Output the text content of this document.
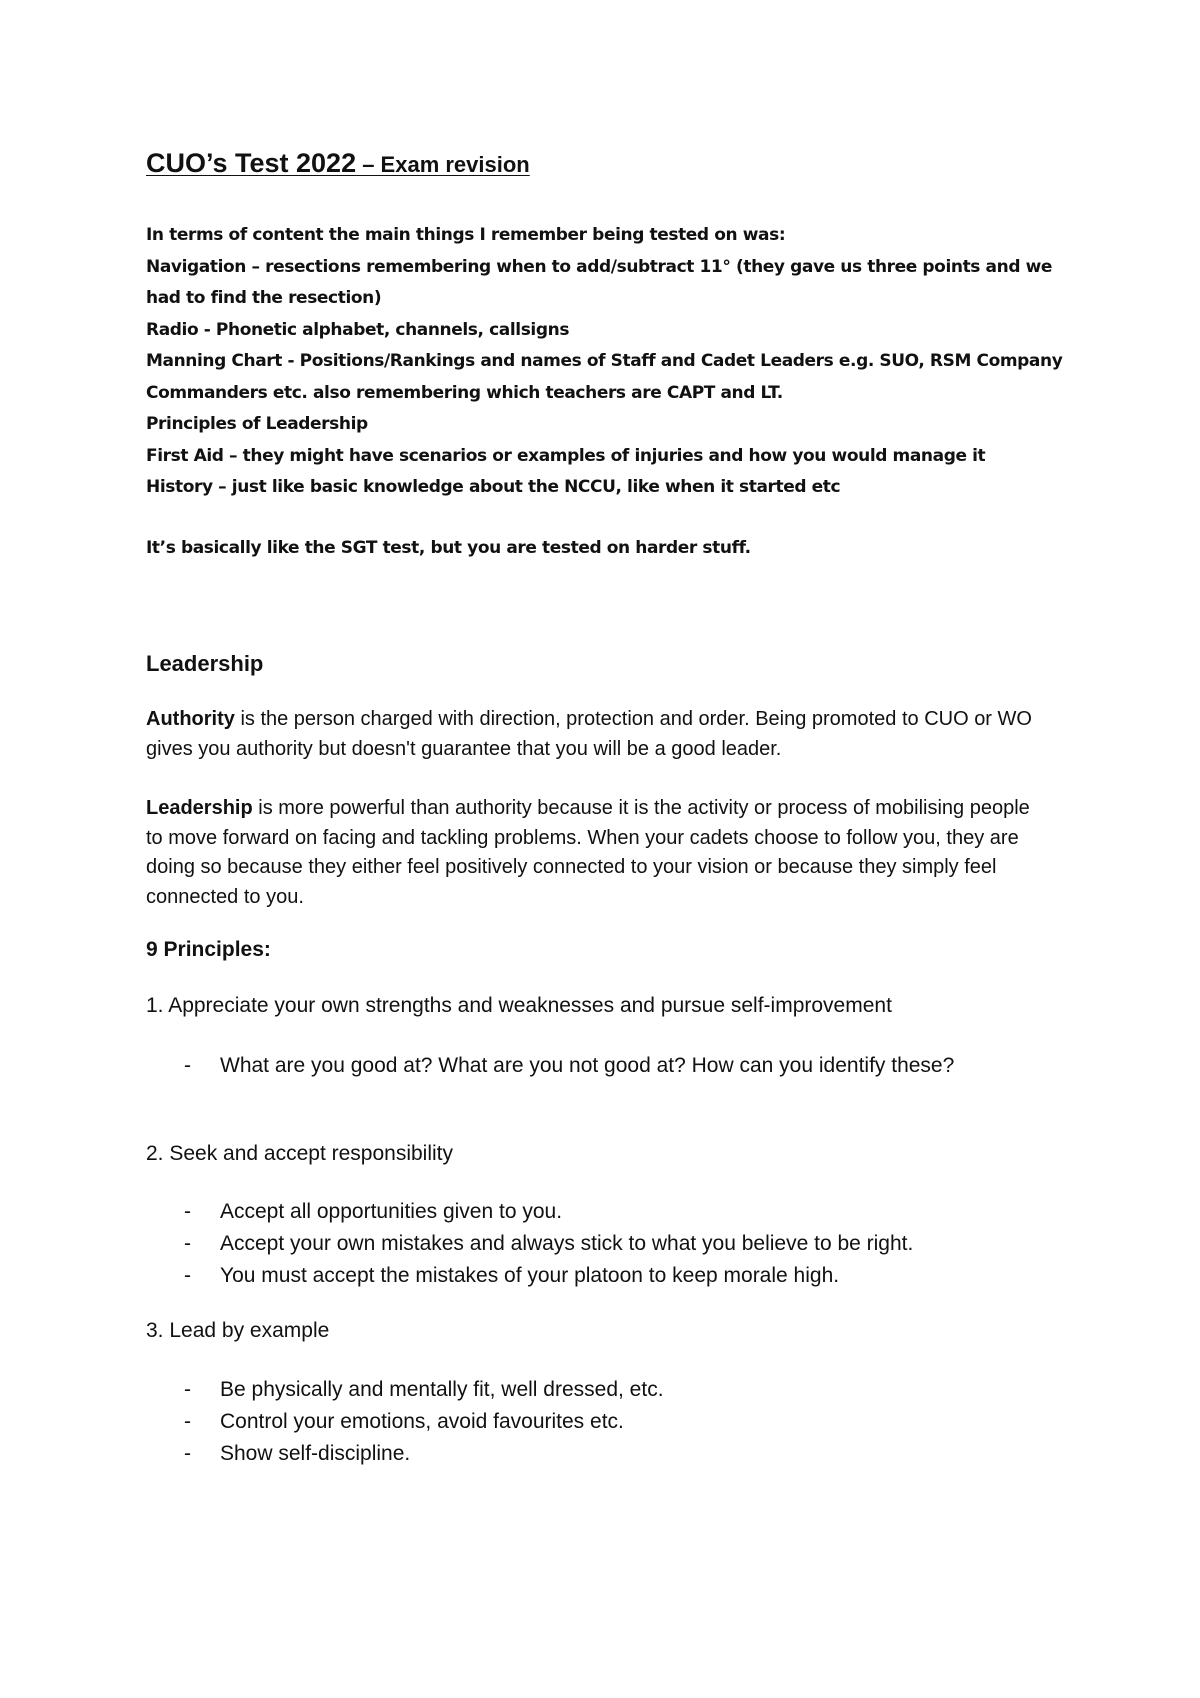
CUO’s Test 2022 – Exam revision

In terms of content the main things I remember being tested on was:

Navigation – resections remembering when to add/subtract 11° (they gave us three points and we had to find the resection)

Radio - Phonetic alphabet, channels, callsigns

Manning Chart - Positions/Rankings and names of Staff and Cadet Leaders e.g. SUO, RSM Company Commanders etc. also remembering which teachers are CAPT and LT.

Principles of Leadership

First Aid – they might have scenarios or examples of injuries and how you would manage it

History – just like basic knowledge about the NCCU, like when it started etc

It’s basically like the SGT test, but you are tested on harder stuff.

Leadership
Authority is the person charged with direction, protection and order. Being promoted to CUO or WO gives you authority but doesn't guarantee that you will be a good leader.
Leadership is more powerful than authority because it is the activity or process of mobilising people to move forward on facing and tackling problems. When your cadets choose to follow you, they are doing so because they either feel positively connected to your vision or because they simply feel connected to you.
9 Principles:
1. Appreciate your own strengths and weaknesses and pursue self-improvement
- What are you good at? What are you not good at? How can you identify these?
2. Seek and accept responsibility
- Accept all opportunities given to you.
- Accept your own mistakes and always stick to what you believe to be right.
- You must accept the mistakes of your platoon to keep morale high.
3. Lead by example
- Be physically and mentally fit, well dressed, etc.
- Control your emotions, avoid favourites etc.
- Show self-discipline.
